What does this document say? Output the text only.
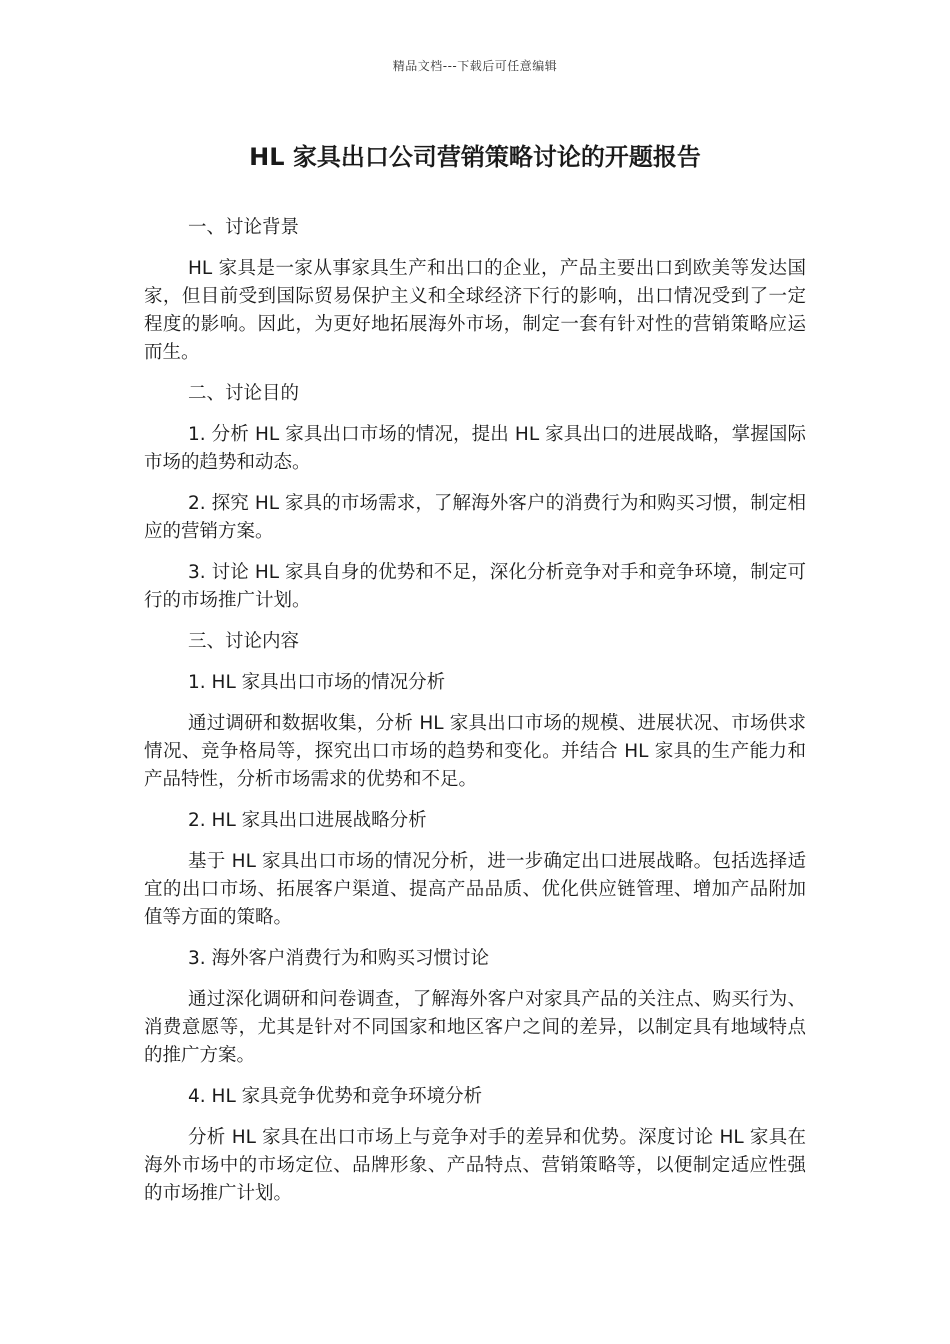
精品文档---下载后可任意编辑
HL 家具出口公司营销策略讨论的开题报告

一、讨论背景

HL 家具是一家从事家具生产和出口的企业，产品主要出口到欧美等发达国家，但目前受到国际贸易保护主义和全球经济下行的影响，出口情况受到了一定程度的影响。因此，为更好地拓展海外市场，制定一套有针对性的营销策略应运而生。

二、讨论目的

1. 分析 HL 家具出口市场的情况，提出 HL 家具出口的进展战略，掌握国际市场的趋势和动态。

2. 探究 HL 家具的市场需求，了解海外客户的消费行为和购买习惯，制定相应的营销方案。

3. 讨论 HL 家具自身的优势和不足，深化分析竞争对手和竞争环境，制定可行的市场推广计划。

三、讨论内容

1. HL 家具出口市场的情况分析

通过调研和数据收集，分析 HL 家具出口市场的规模、进展状况、市场供求情况、竞争格局等，探究出口市场的趋势和变化。并结合 HL 家具的生产能力和产品特性，分析市场需求的优势和不足。

2. HL 家具出口进展战略分析

基于 HL 家具出口市场的情况分析，进一步确定出口进展战略。包括选择适宜的出口市场、拓展客户渠道、提高产品品质、优化供应链管理、增加产品附加值等方面的策略。

3. 海外客户消费行为和购买习惯讨论

通过深化调研和问卷调查，了解海外客户对家具产品的关注点、购买行为、消费意愿等，尤其是针对不同国家和地区客户之间的差异，以制定具有地域特点的推广方案。

4. HL 家具竞争优势和竞争环境分析

分析 HL 家具在出口市场上与竞争对手的差异和优势。深度讨论 HL 家具在海外市场中的市场定位、品牌形象、产品特点、营销策略等，以便制定适应性强的市场推广计划。
